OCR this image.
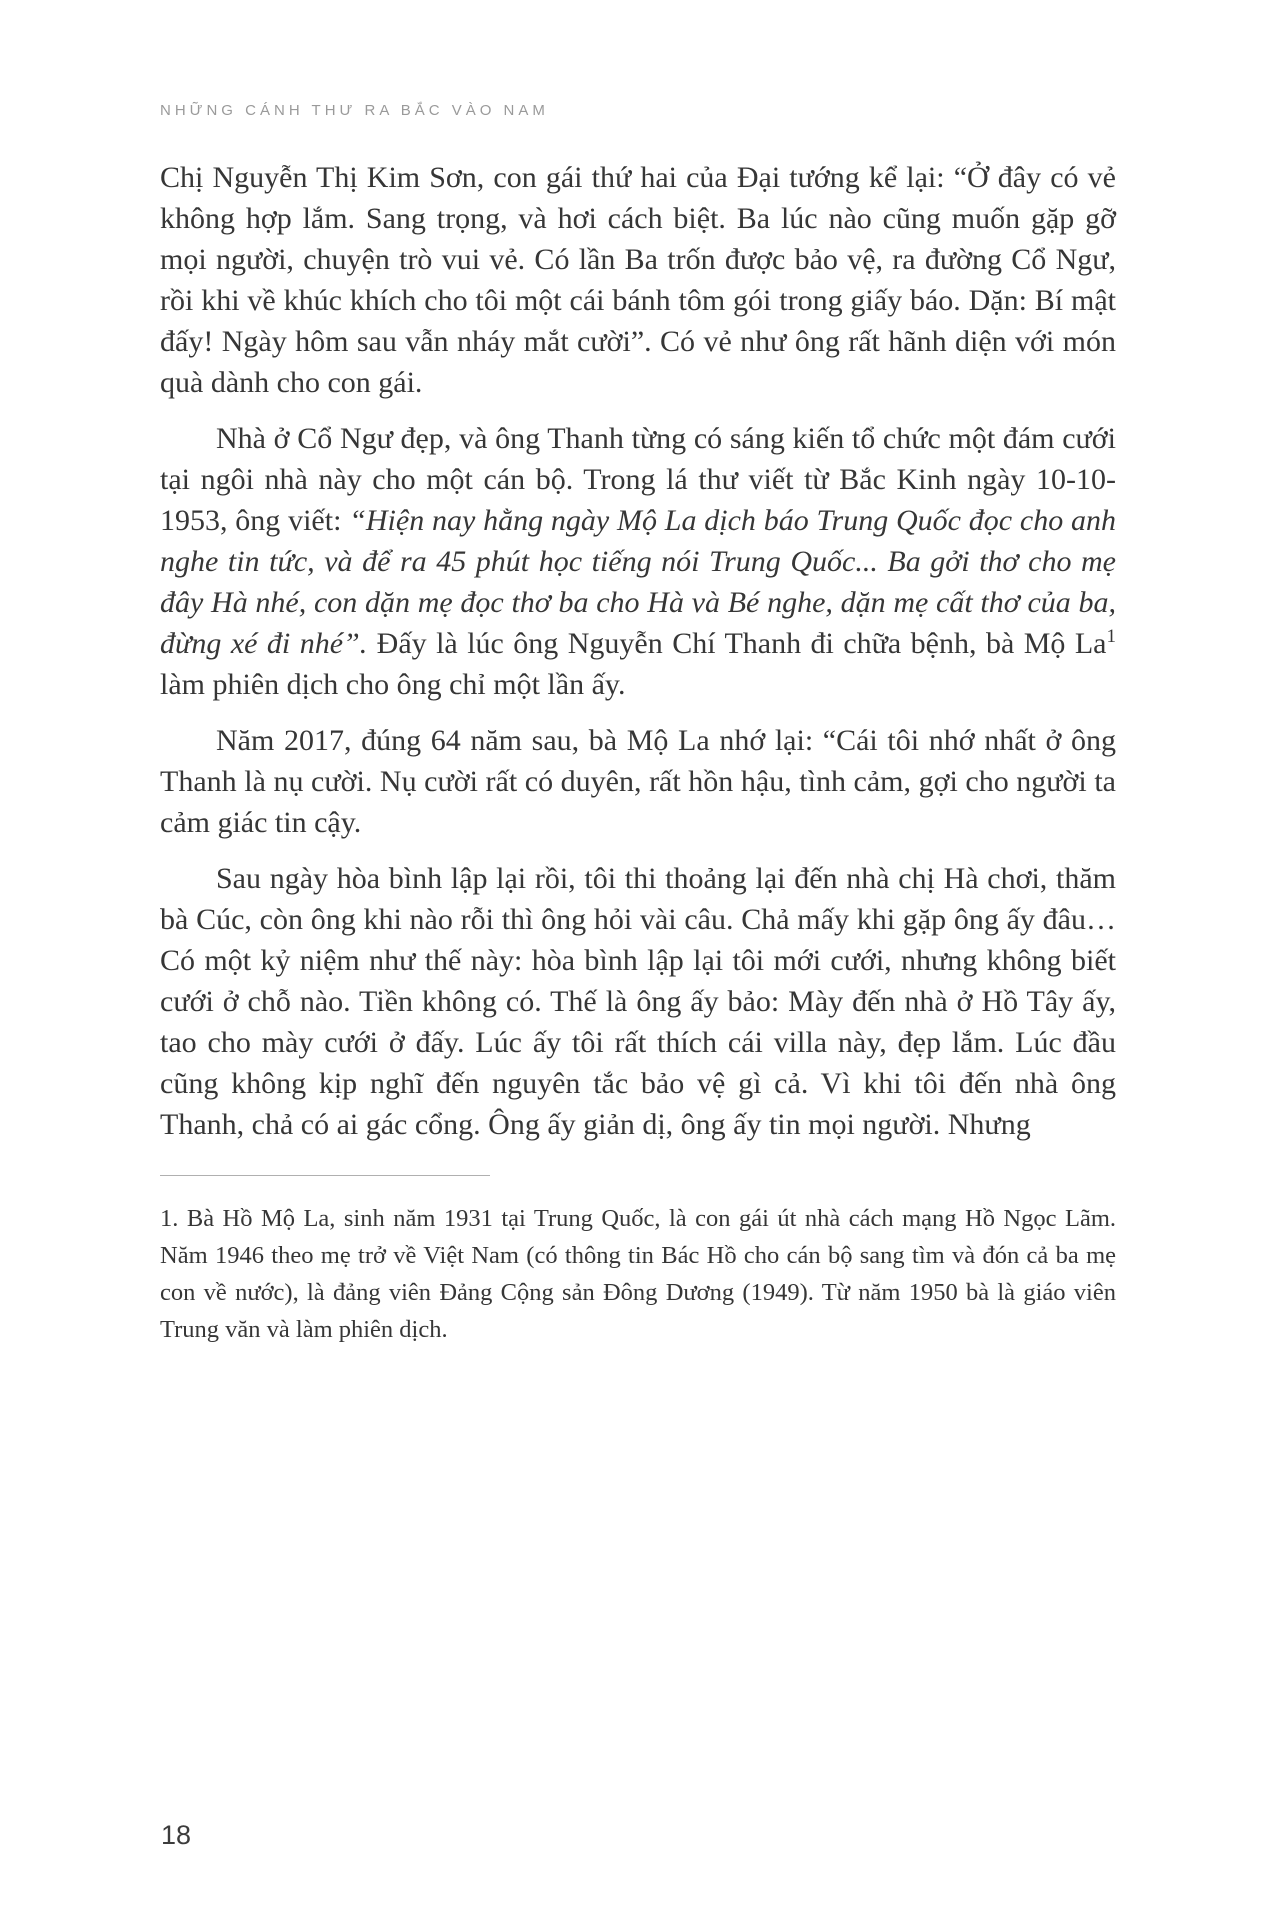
NHỮNG CÁNH THƯ RA BẮC VÀO NAM

Chị Nguyễn Thị Kim Sơn, con gái thứ hai của Đại tướng kể lại: “Ở đây có vẻ không hợp lắm. Sang trọng, và hơi cách biệt. Ba lúc nào cũng muốn gặp gỡ mọi người, chuyện trò vui vẻ. Có lần Ba trốn được bảo vệ, ra đường Cổ Ngư, rồi khi về khúc khích cho tôi một cái bánh tôm gói trong giấy báo. Dặn: Bí mật đấy! Ngày hôm sau vẫn nháy mắt cười”. Có vẻ như ông rất hãnh diện với món quà dành cho con gái.

Nhà ở Cổ Ngư đẹp, và ông Thanh từng có sáng kiến tổ chức một đám cưới tại ngôi nhà này cho một cán bộ. Trong lá thư viết từ Bắc Kinh ngày 10-10-1953, ông viết: “Hiện nay hằng ngày Mộ La dịch báo Trung Quốc đọc cho anh nghe tin tức, và để ra 45 phút học tiếng nói Trung Quốc... Ba gởi thơ cho mẹ đây Hà nhé, con dặn mẹ đọc thơ ba cho Hà và Bé nghe, dặn mẹ cất thơ của ba, đừng xé đi nhé”. Đấy là lúc ông Nguyễn Chí Thanh đi chữa bệnh, bà Mộ La$^1$ làm phiên dịch cho ông chỉ một lần ấy.

Năm 2017, đúng 64 năm sau, bà Mộ La nhớ lại: “Cái tôi nhớ nhất ở ông Thanh là nụ cười. Nụ cười rất có duyên, rất hồn hậu, tình cảm, gợi cho người ta cảm giác tin cậy.

Sau ngày hòa bình lập lại rồi, tôi thi thoảng lại đến nhà chị Hà chơi, thăm bà Cúc, còn ông khi nào rỗi thì ông hỏi vài câu. Chả mấy khi gặp ông ấy đâu… Có một kỷ niệm như thế này: hòa bình lập lại tôi mới cưới, nhưng không biết cưới ở chỗ nào. Tiền không có. Thế là ông ấy bảo: Mày đến nhà ở Hồ Tây ấy, tao cho mày cưới ở đấy. Lúc ấy tôi rất thích cái villa này, đẹp lắm. Lúc đầu cũng không kịp nghĩ đến nguyên tắc bảo vệ gì cả. Vì khi tôi đến nhà ông Thanh, chả có ai gác cổng. Ông ấy giản dị, ông ấy tin mọi người. Nhưng

1. Bà Hồ Mộ La, sinh năm 1931 tại Trung Quốc, là con gái út nhà cách mạng Hồ Ngọc Lãm. Năm 1946 theo mẹ trở về Việt Nam (có thông tin Bác Hồ cho cán bộ sang tìm và đón cả ba mẹ con về nước), là đảng viên Đảng Cộng sản Đông Dương (1949). Từ năm 1950 bà là giáo viên Trung văn và làm phiên dịch.

18
